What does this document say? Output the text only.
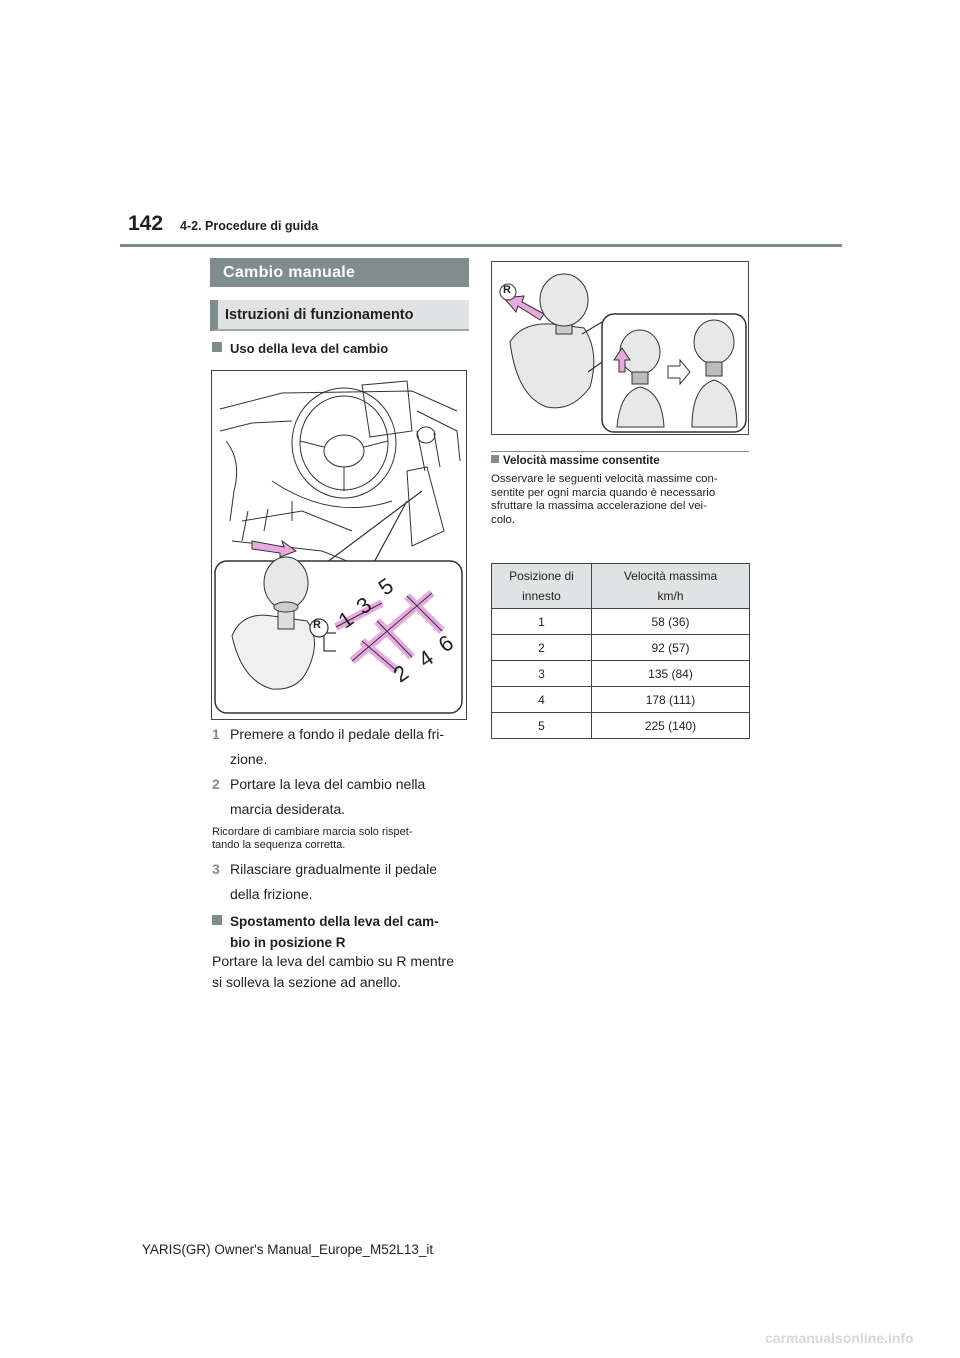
142 4-2. Procedure di guida
Cambio manuale
Istruzioni di funzionamento
Uso della leva del cambio
R 1
2
3
4
5
6
1 Premere a fondo il pedale della fri-
zione.
2 Portare la leva del cambio nella
marcia desiderata.
Ricordare di cambiare marcia solo rispet-
tando la sequenza corretta.
3 Rilasciare gradualmente il pedale
della frizione.
Spostamento della leva del cam-
bio in posizione R
Portare la leva del cambio su R mentre
si solleva la sezione ad anello.
R
Velocità massime consentite
Osservare le seguenti velocità massime con-
sentite per ogni marcia quando è necessario
sfruttare la massima accelerazione del vei-
colo.
Posizione di
innesto	Velocità massima
km/h
1	58 (36)
2	92 (57)
3	135 (84)
4	178 (111)
5	225 (140)
YARIS(GR) Owner's Manual_Europe_M52L13_it
carmanualsonline.info
